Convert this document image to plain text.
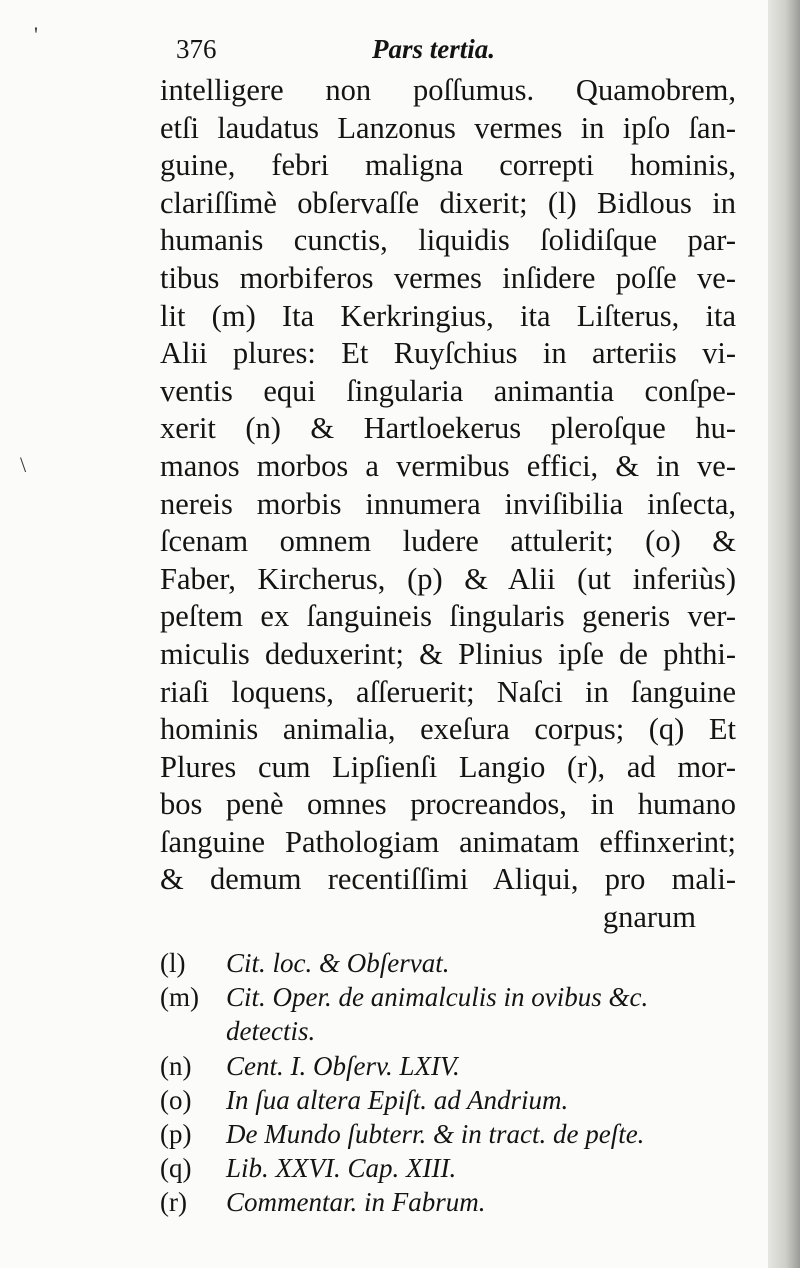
'
\
376	Pars tertia.
intelligere non poſſumus. Quamobrem,
etſi laudatus Lanzonus vermes in ipſo ſan-
guine, febri maligna correpti hominis,
clariſſimè obſervaſſe dixerit; (l) Bidlous in
humanis cunctis, liquidis ſolidiſque par-
tibus morbiferos vermes inſidere poſſe ve-
lit (m) Ita Kerkringius, ita Liſterus, ita
Alii plures: Et Ruyſchius in arteriis vi-
ventis equi ſingularia animantia conſpe-
xerit (n) & Hartloekerus pleroſque hu-
manos morbos a vermibus effici, & in ve-
nereis morbis innumera inviſibilia inſecta,
ſcenam omnem ludere attulerit; (o) &
Faber, Kircherus, (p) & Alii (ut inferiùs)
peſtem ex ſanguineis ſingularis generis ver-
miculis deduxerint; & Plinius ipſe de phthi-
riaſi loquens, aſſeruerit; Naſci in ſanguine
hominis animalia, exeſura corpus; (q) Et
Plures cum Lipſienſi Langio (r), ad mor-
bos penè omnes procreandos, in humano
ſanguine Pathologiam animatam effinxerint;
& demum recentiſſimi Aliqui, pro mali-
gnarum
(l)	Cit. loc. & Obſervat.
(m)	Cit. Oper. de animalculis in ovibus &c.
detectis.
(n)	Cent. I. Obſerv. LXIV.
(o)	In ſua altera Epiſt. ad Andrium.
(p)	De Mundo ſubterr. & in tract. de peſte.
(q)	Lib. XXVI. Cap. XIII.
(r)	Commentar. in Fabrum.
